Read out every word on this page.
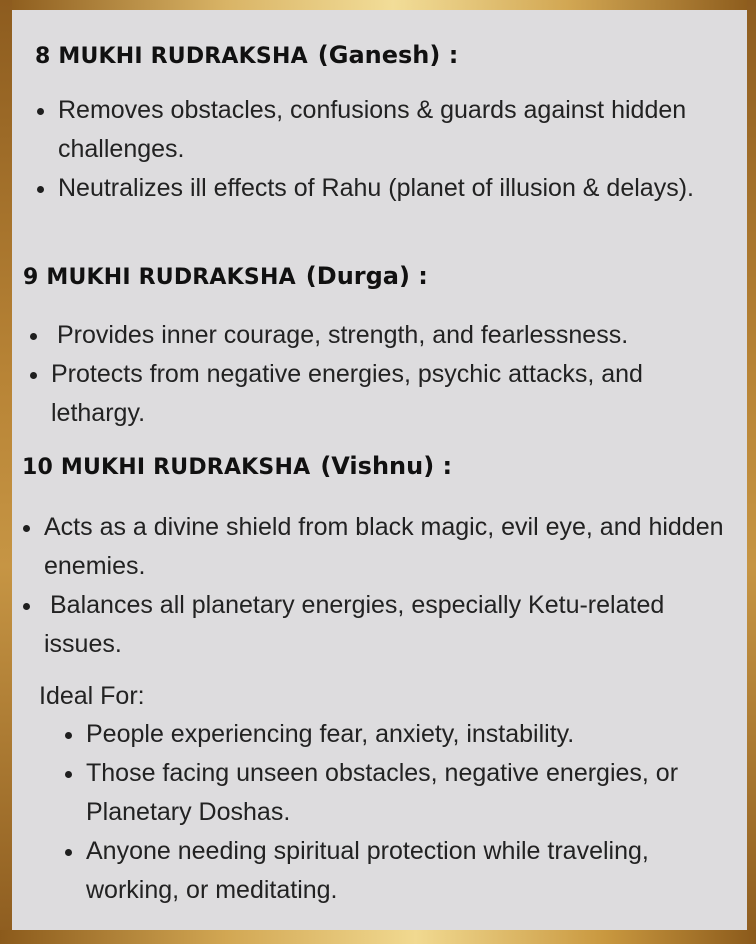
8 MUKHI RUDRAKSHA (Ganesh) :
Removes obstacles, confusions & guards against hidden challenges.
Neutralizes ill effects of Rahu (planet of illusion & delays).
9 MUKHI RUDRAKSHA (Durga) :
Provides inner courage, strength, and fearlessness.
Protects from negative energies, psychic attacks, and lethargy.
10 MUKHI RUDRAKSHA (Vishnu) :
Acts as a divine shield from black magic, evil eye, and hidden enemies.
Balances all planetary energies, especially Ketu-related issues.
Ideal For:
People experiencing fear, anxiety, instability.
Those facing unseen obstacles, negative energies, or Planetary Doshas.
Anyone needing spiritual protection while traveling, working, or meditating.
